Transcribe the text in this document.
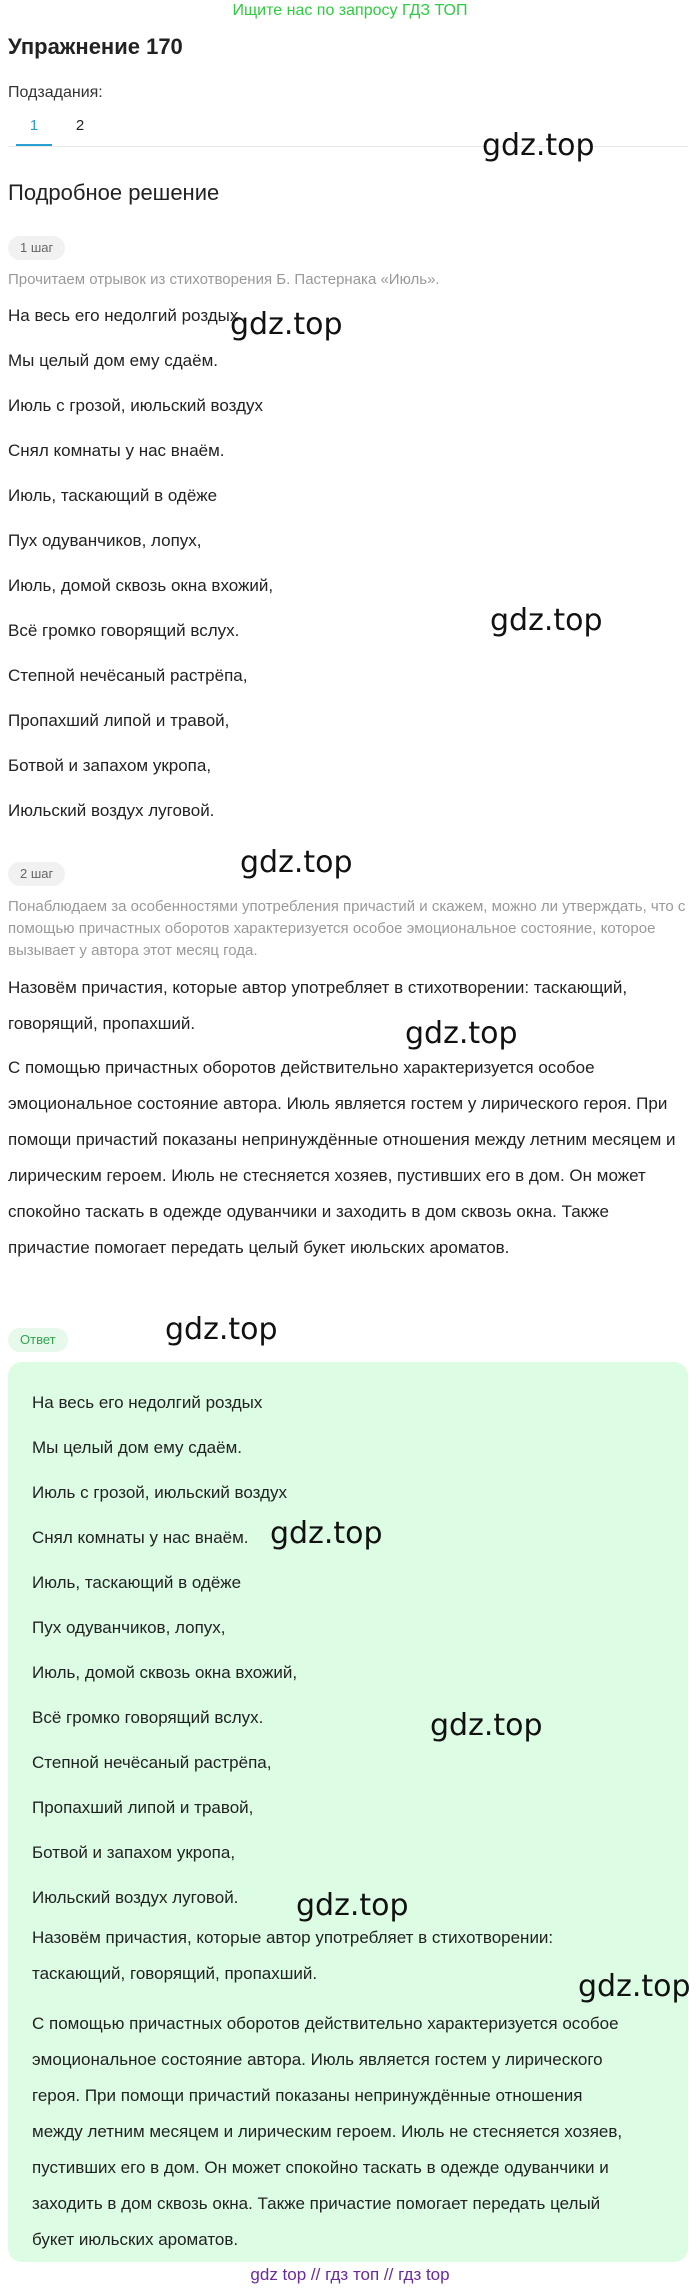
Ищите нас по запросу ГДЗ ТОП
Упражнение 170
Подзадания:
1	2
Подробное решение
1 шаг
Прочитаем отрывок из стихотворения Б. Пастернака «Июль».
На весь его недолгий роздых
Мы целый дом ему сдаём.
Июль с грозой, июльский воздух
Снял комнаты у нас внаём.
Июль, таскающий в одёже
Пух одуванчиков, лопух,
Июль, домой сквозь окна вхожий,
Всё громко говорящий вслух.
Степной нечёсаный растрёпа,
Пропахший липой и травой,
Ботвой и запахом укропа,
Июльский воздух луговой.
2 шаг
Понаблюдаем за особенностями употребления причастий и скажем, можно ли утверждать, что с помощью причастных оборотов характеризуется особое эмоциональное состояние, которое вызывает у автора этот месяц года.
Назовём причастия, которые автор употребляет в стихотворении: таскающий, говорящий, пропахший.
С помощью причастных оборотов действительно характеризуется особое эмоциональное состояние автора. Июль является гостем у лирического героя. При помощи причастий показаны непринуждённые отношения между летним месяцем и лирическим героем. Июль не стесняется хозяев, пустивших его в дом. Он может спокойно таскать в одежде одуванчики и заходить в дом сквозь окна. Также причастие помогает передать целый букет июльских ароматов.
Ответ
На весь его недолгий роздых
Мы целый дом ему сдаём.
Июль с грозой, июльский воздух
Снял комнаты у нас внаём.
Июль, таскающий в одёже
Пух одуванчиков, лопух,
Июль, домой сквозь окна вхожий,
Всё громко говорящий вслух.
Степной нечёсаный растрёпа,
Пропахший липой и травой,
Ботвой и запахом укропа,
Июльский воздух луговой.
Назовём причастия, которые автор употребляет в стихотворении: таскающий, говорящий, пропахший.
С помощью причастных оборотов действительно характеризуется особое эмоциональное состояние автора. Июль является гостем у лирического героя. При помощи причастий показаны непринуждённые отношения между летним месяцем и лирическим героем. Июль не стесняется хозяев, пустивших его в дом. Он может спокойно таскать в одежде одуванчики и заходить в дом сквозь окна. Также причастие помогает передать целый букет июльских ароматов.
gdz.top
gdz.top
gdz.top
gdz.top
gdz.top
gdz.top
gdz.top
gdz.top
gdz.top
gdz.top
gdz top // гдз топ // гдз top
